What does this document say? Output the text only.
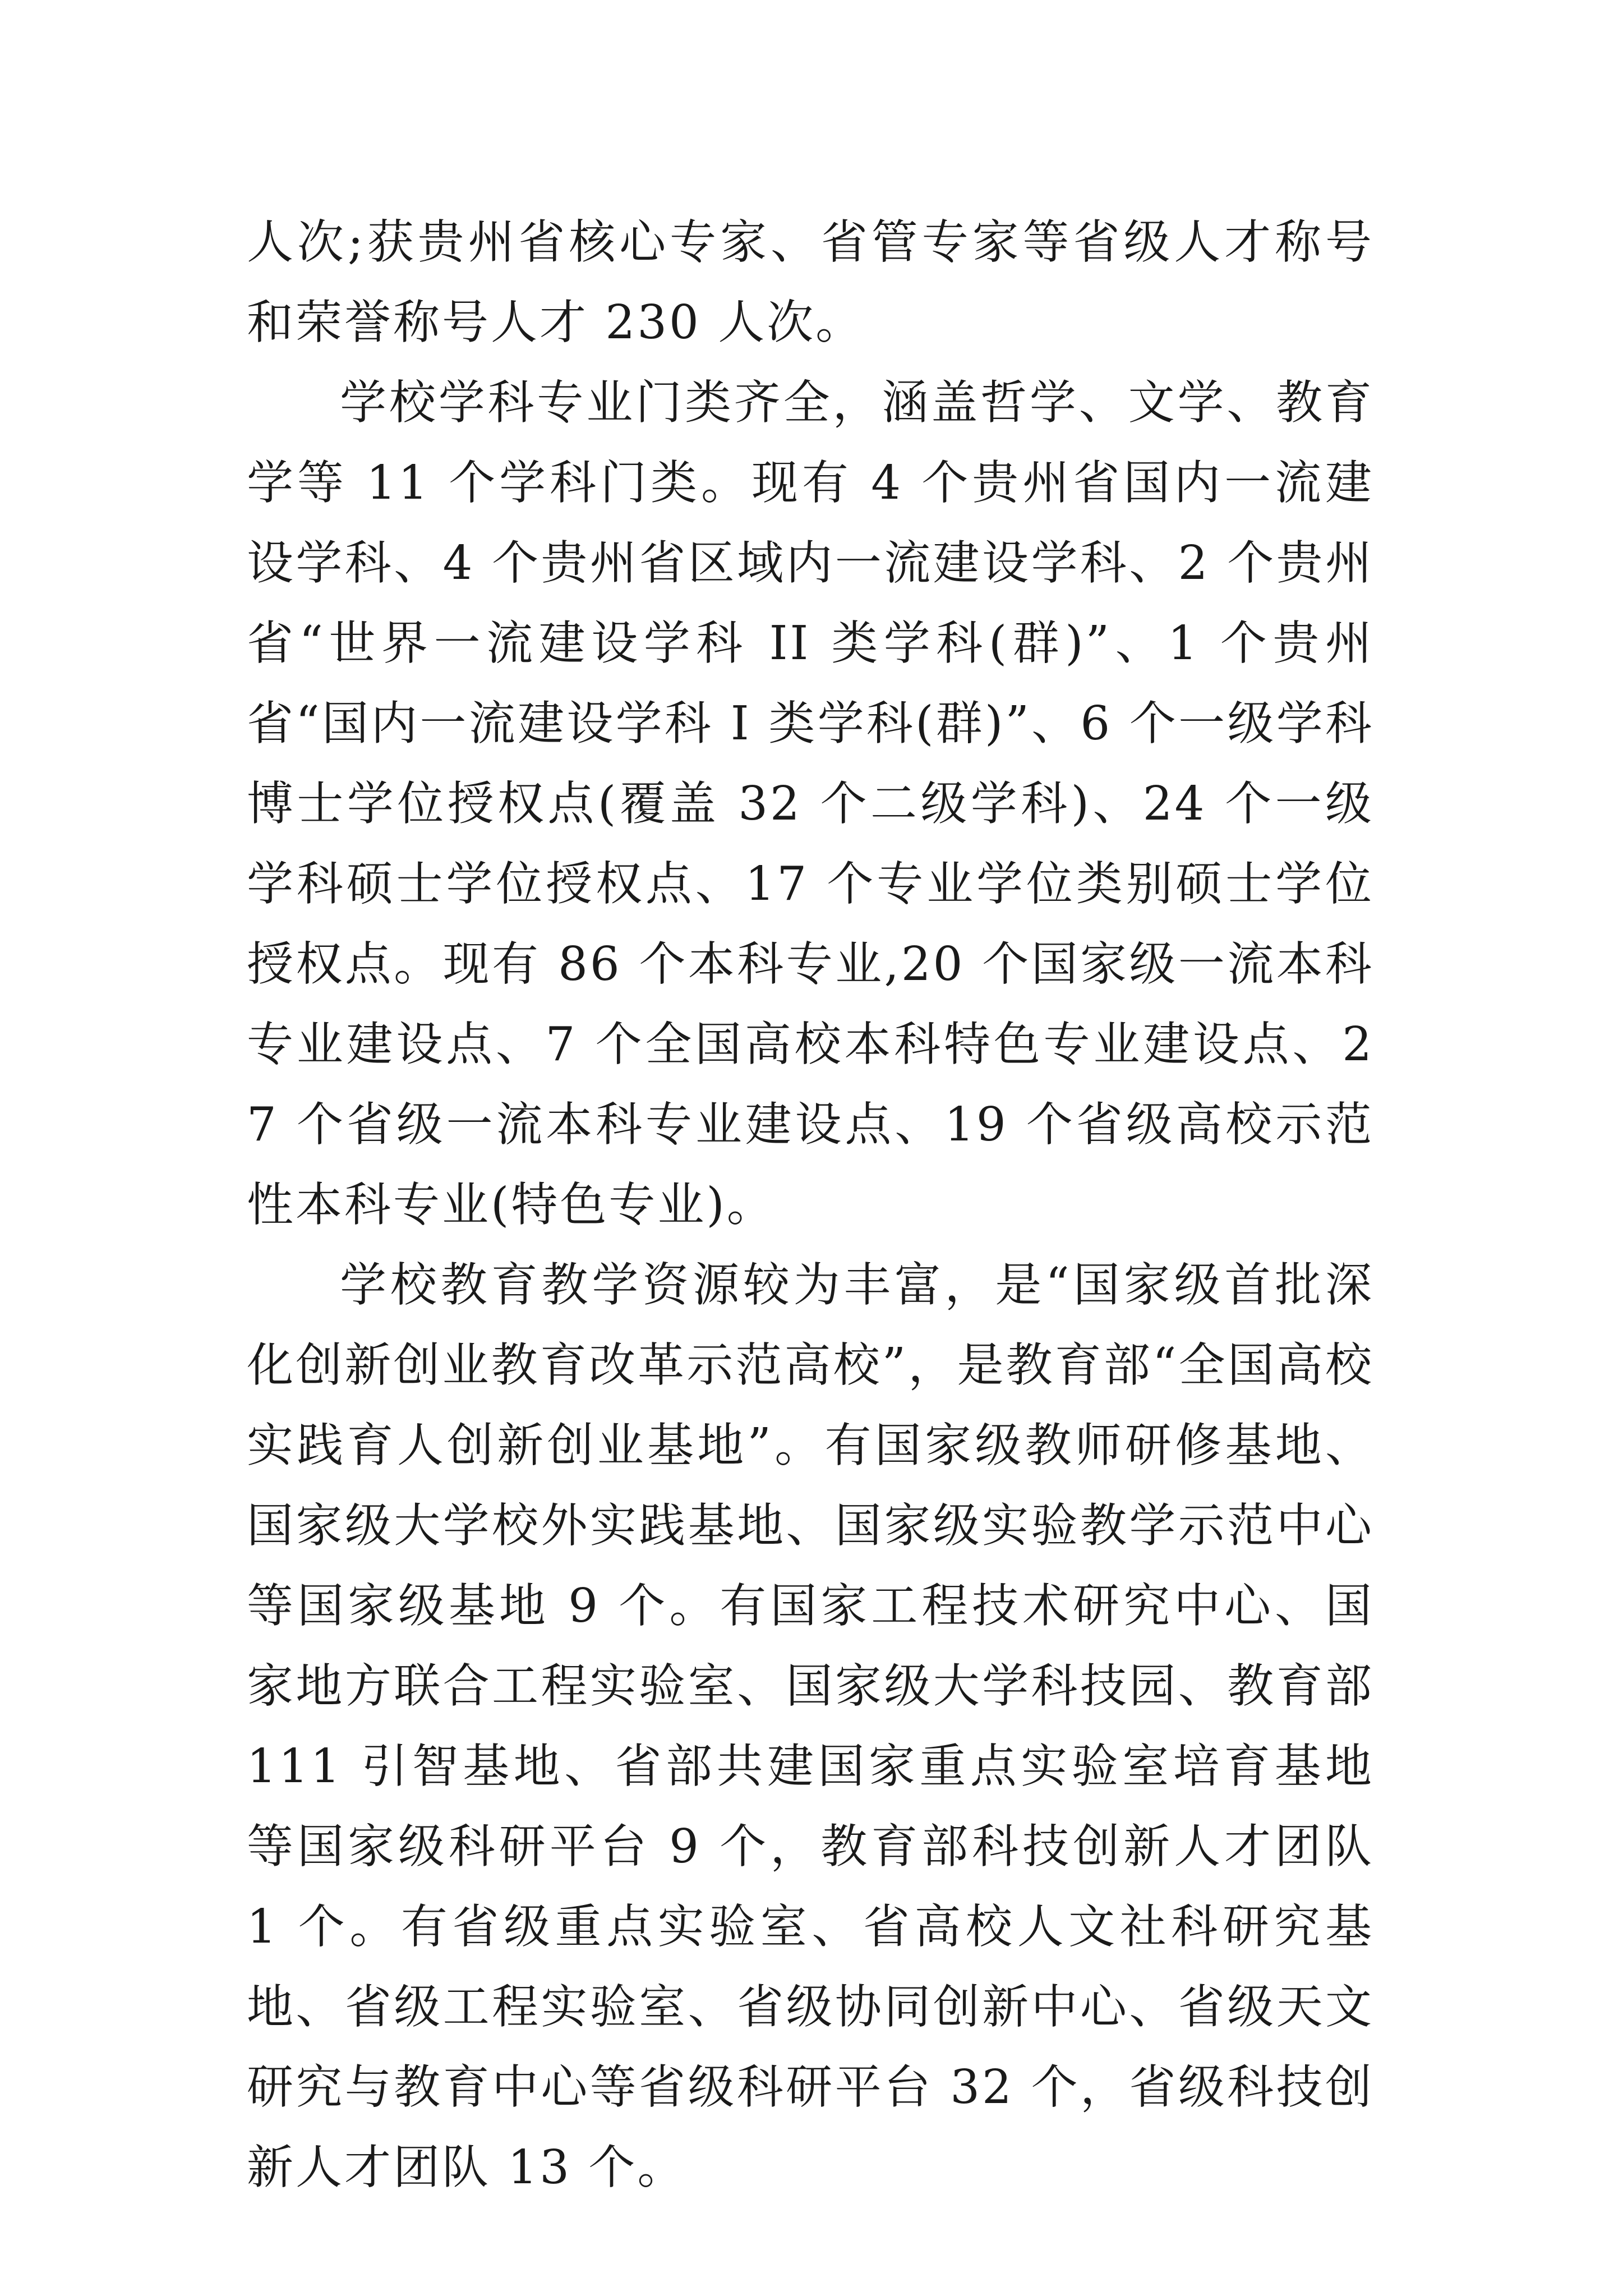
人次;获贵州省核心专家、省管专家等省级人才称号和荣誉称号人才 230 人次。

学校学科专业门类齐全，涵盖哲学、文学、教育学等 11 个学科门类。现有 4 个贵州省国内一流建设学科、4 个贵州省区域内一流建设学科、2 个贵州省“世界一流建设学科 II 类学科(群)”、1 个贵州省“国内一流建设学科 I 类学科(群)”、6 个一级学科博士学位授权点(覆盖 32 个二级学科)、24 个一级学科硕士学位授权点、17 个专业学位类别硕士学位授权点。现有 86 个本科专业,20 个国家级一流本科专业建设点、7 个全国高校本科特色专业建设点、27 个省级一流本科专业建设点、19 个省级高校示范性本科专业(特色专业)。

学校教育教学资源较为丰富，是“国家级首批深化创新创业教育改革示范高校”，是教育部“全国高校实践育人创新创业基地”。有国家级教师研修基地、国家级大学校外实践基地、国家级实验教学示范中心等国家级基地 9 个。有国家工程技术研究中心、国家地方联合工程实验室、国家级大学科技园、教育部 111 引智基地、省部共建国家重点实验室培育基地等国家级科研平台 9 个，教育部科技创新人才团队 1 个。有省级重点实验室、省高校人文社科研究基地、省级工程实验室、省级协同创新中心、省级天文研究与教育中心等省级科研平台 32 个，省级科技创新人才团队 13 个。
